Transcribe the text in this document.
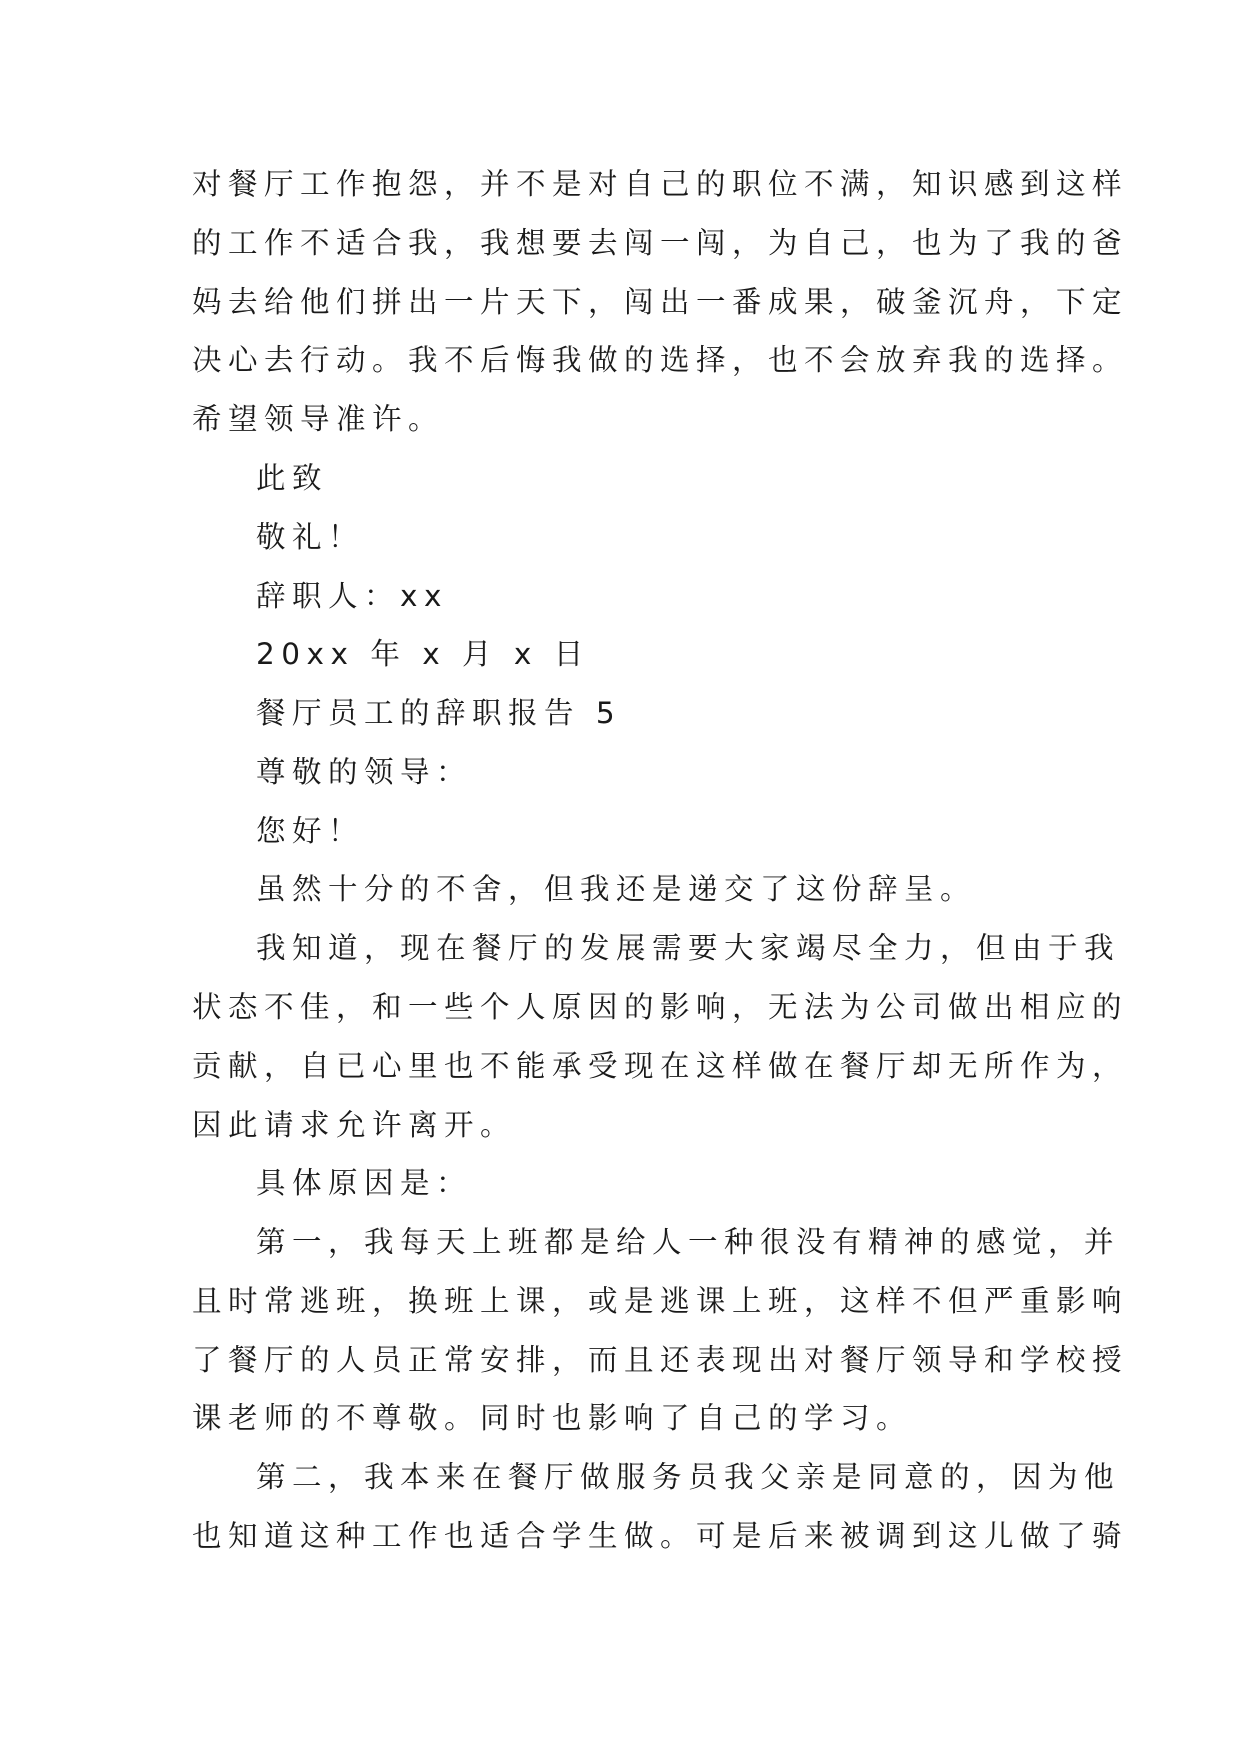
对餐厅工作抱怨，并不是对自己的职位不满，知识感到这样
的工作不适合我，我想要去闯一闯，为自己，也为了我的爸
妈去给他们拼出一片天下，闯出一番成果，破釜沉舟，下定
决心去行动。我不后悔我做的选择，也不会放弃我的选择。
希望领导准许。
此致
敬礼！
辞职人：xx
20xx 年 x 月 x 日
餐厅员工的辞职报告 5
尊敬的领导：
您好！
虽然十分的不舍，但我还是递交了这份辞呈。
我知道，现在餐厅的发展需要大家竭尽全力，但由于我
状态不佳，和一些个人原因的影响，无法为公司做出相应的
贡献，自已心里也不能承受现在这样做在餐厅却无所作为，
因此请求允许离开。
具体原因是：
第一，我每天上班都是给人一种很没有精神的感觉，并
且时常逃班，换班上课，或是逃课上班，这样不但严重影响
了餐厅的人员正常安排，而且还表现出对餐厅领导和学校授
课老师的不尊敬。同时也影响了自己的学习。
第二，我本来在餐厅做服务员我父亲是同意的，因为他
也知道这种工作也适合学生做。可是后来被调到这儿做了骑
